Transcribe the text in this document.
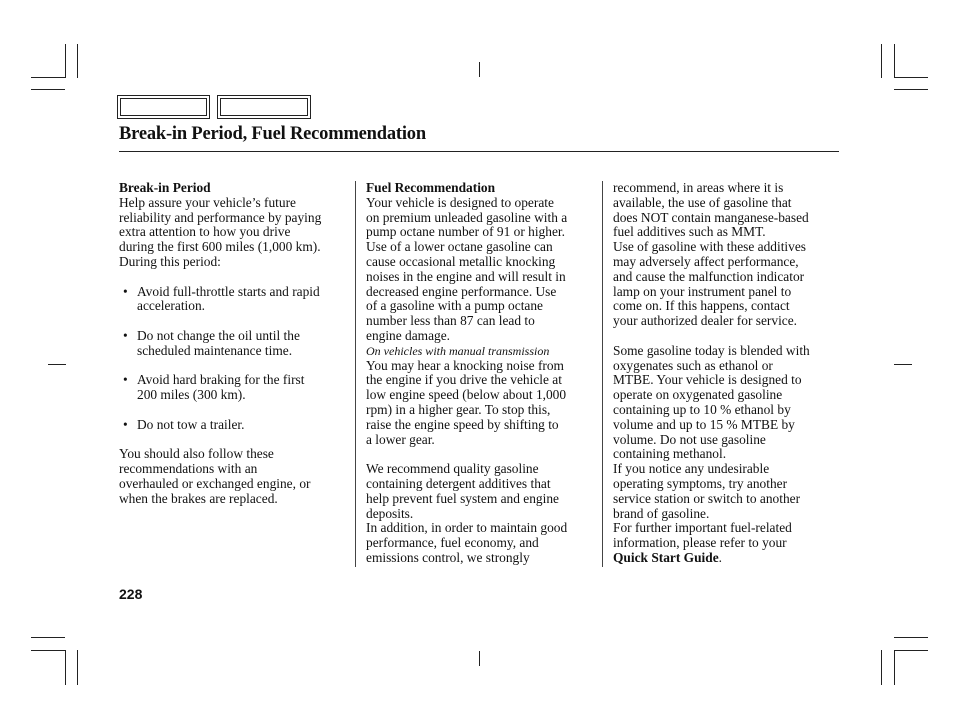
Break-in Period, Fuel Recommendation

Break-in Period

Help assure your vehicle’s future

reliability and performance by paying

extra attention to how you drive

during the first 600 miles (1,000 km).

During this period:

• Avoid full-throttle starts and rapid

acceleration.

• Do not change the oil until the

scheduled maintenance time.

• Avoid hard braking for the first

200 miles (300 km).

• Do not tow a trailer.

You should also follow these

recommendations with an

overhauled or exchanged engine, or

when the brakes are replaced.

Fuel Recommendation

Your vehicle is designed to operate

on premium unleaded gasoline with a

pump octane number of 91 or higher.

Use of a lower octane gasoline can

cause occasional metallic knocking

noises in the engine and will result in

decreased engine performance. Use

of a gasoline with a pump octane

number less than 87 can lead to

engine damage.

On vehicles with manual transmission

You may hear a knocking noise from

the engine if you drive the vehicle at

low engine speed (below about 1,000

rpm) in a higher gear. To stop this,

raise the engine speed by shifting to

a lower gear.

We recommend quality gasoline

containing detergent additives that

help prevent fuel system and engine

deposits.

In addition, in order to maintain good

performance, fuel economy, and

emissions control, we strongly

recommend, in areas where it is

available, the use of gasoline that

does NOT contain manganese-based

fuel additives such as MMT.

Use of gasoline with these additives

may adversely affect performance,

and cause the malfunction indicator

lamp on your instrument panel to

come on. If this happens, contact

your authorized dealer for service.

Some gasoline today is blended with

oxygenates such as ethanol or

MTBE. Your vehicle is designed to

operate on oxygenated gasoline

containing up to 10 % ethanol by

volume and up to 15 % MTBE by

volume. Do not use gasoline

containing methanol.

If you notice any undesirable

operating symptoms, try another

service station or switch to another

brand of gasoline.

For further important fuel-related

information, please refer to your

Quick Start Guide.

228
